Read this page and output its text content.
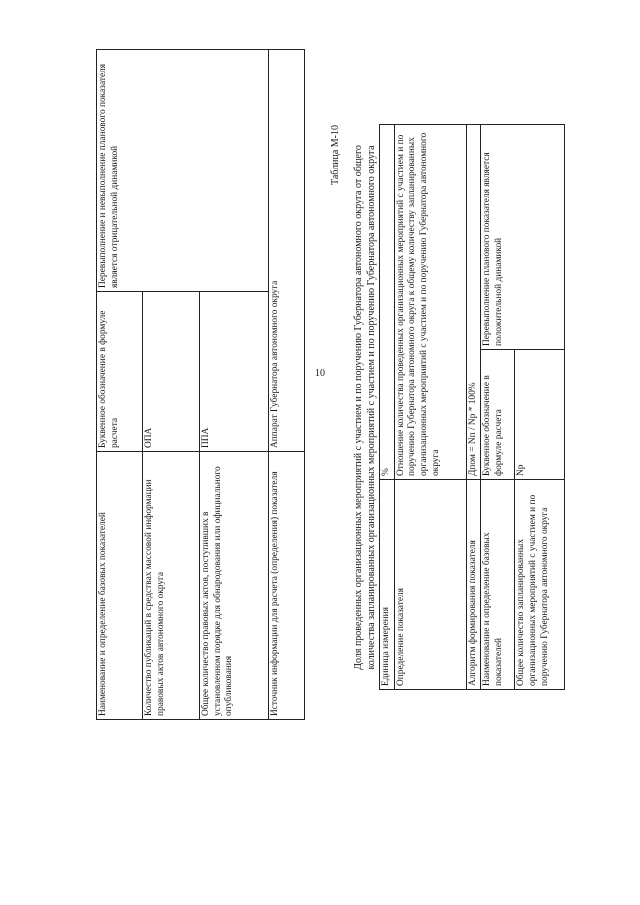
10
Наименование и определение базовых показателей	Буквенное обозначение в формуле расчета	Перевыполнение и невыполнение планового показателя является отрицательной динамикой
Количество публикаций в средствах массовой информации правовых актов автономного округа	ОПА	
Общее количество правовых актов, поступивших в установленном порядке для обнародования или официального опубликования	ППА	
Источник информации для расчета (определения) показателя	Аппарат Губернатора автономного округа	
Таблица М-10 Доля проведенных организационных мероприятий с участием и по поручению Губернатора автономного округа от общего количества запланированных организационных мероприятий с участием и по поручению Губернатора автономного округа Единица измерения	%	
Определение показателя	Отношение количества проведенных организационных мероприятий с участием и по поручению Губернатора автономного округа к общему количеству запланированных организационных мероприятий с участием и по поручению Губернатора автономного округа	
Алгоритм формирования показателя	Дпом = Nп / Nр * 100%	
Наименование и определение базовых показателей	Буквенное обозначение в формуле расчета	Перевыполнение планового показателя является положительной динамикой
Общее количество запланированных организационных мероприятий с участием и по поручению Губернатора автономного округа	Nр	
